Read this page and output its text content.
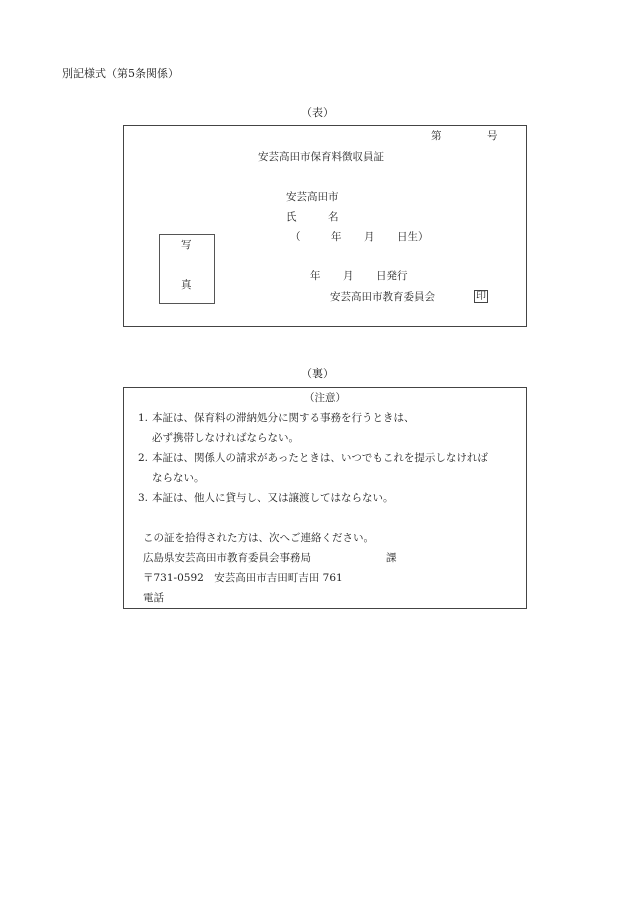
別記様式（第5条関係）
（表）
第	号
安芸高田市保育料徴収員証
安芸高田市
氏	名
（	年 月 日生）
写
真
年 月 日発行
安芸高田市教育委員会	印
（裏）
（注意）
1. 本証は、保育料の滞納処分に関する事務を行うときは、
必ず携帯しなければならない。
2. 本証は、関係人の請求があったときは、いつでもこれを提示しなければ
ならない。
3. 本証は、他人に貸与し、又は譲渡してはならない。
この証を拾得された方は、次へご連絡ください。
広島県安芸高田市教育委員会事務局	課
〒731-0592　安芸高田市吉田町吉田 761
電話
